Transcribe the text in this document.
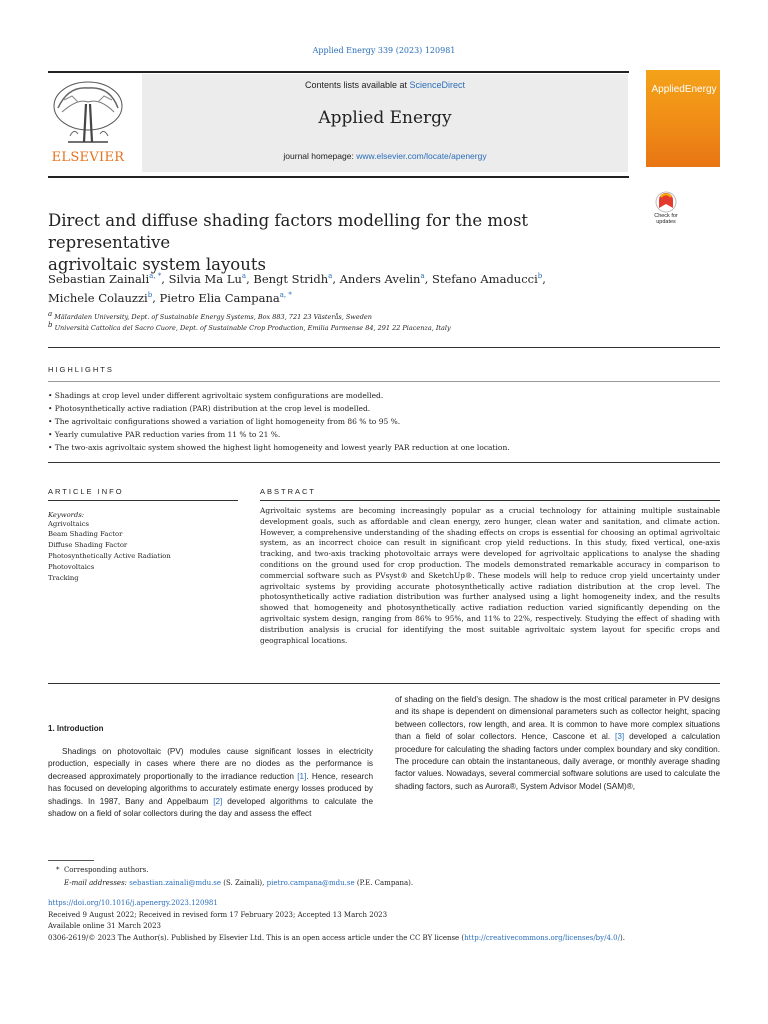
Applied Energy 339 (2023) 120981
ELSEVIER
Contents lists available at ScienceDirect
Applied Energy
journal homepage: www.elsevier.com/locate/apenergy
AppliedEnergy
Check for updates
Direct and diffuse shading factors modelling for the most representative
agrivoltaic system layouts
Sebastian Zainali$^{a, *}$, Silvia Ma Lu$^a$, Bengt Stridh$^a$, Anders Avelin$^a$, Stefano Amaducci$^b$,
Michele Colauzzi$^b$, Pietro Elia Campana$^{a, *}$
$^a$ Mälardalen University, Dept. of Sustainable Energy Systems, Box 883, 721 23 Västerås, Sweden
$^b$ Università Cattolica del Sacro Cuore, Dept. of Sustainable Crop Production, Emilia Parmense 84, 291 22 Piacenza, Italy
HIGHLIGHTS
• Shadings at crop level under different agrivoltaic system configurations are modelled.
• Photosynthetically active radiation (PAR) distribution at the crop level is modelled.
• The agrivoltaic configurations showed a variation of light homogeneity from 86 % to 95 %.
• Yearly cumulative PAR reduction varies from 11 % to 21 %.
• The two-axis agrivoltaic system showed the highest light homogeneity and lowest yearly PAR reduction at one location.
ARTICLE INFO
Keywords:
Agrivoltaics
Beam Shading Factor
Diffuse Shading Factor
Photosynthetically Active Radiation
Photovoltaics
Tracking
ABSTRACT
Agrivoltaic systems are becoming increasingly popular as a crucial technology for attaining multiple sustainable development goals, such as affordable and clean energy, zero hunger, clean water and sanitation, and climate action. However, a comprehensive understanding of the shading effects on crops is essential for choosing an optimal agrivoltaic system, as an incorrect choice can result in significant crop yield reductions. In this study, fixed vertical, one-axis tracking, and two-axis tracking photovoltaic arrays were developed for agrivoltaic applications to analyse the shading conditions on the ground used for crop production. The models demonstrated remarkable accuracy in comparison to commercial software such as PVsyst® and SketchUp®. These models will help to reduce crop yield uncertainty under agrivoltaic systems by providing accurate photosynthetically active radiation distribution at the crop level. The photosynthetically active radiation distribution was further analysed using a light homogeneity index, and the results showed that homogeneity and photosynthetically active radiation reduction varied significantly depending on the agrivoltaic system design, ranging from 86% to 95%, and 11% to 22%, respectively. Studying the effect of shading with distribution analysis is crucial for identifying the most suitable agrivoltaic system layout for specific crops and geographical locations.
1. Introduction
Shadings on photovoltaic (PV) modules cause significant losses in electricity production, especially in cases where there are no diodes as the performance is decreased approximately proportionally to the irradiance reduction [1]. Hence, research has focused on developing algorithms to accurately estimate energy losses produced by shadings. In 1987, Bany and Appelbaum [2] developed algorithms to calculate the shadow on a field of solar collectors during the day and assess the effect
of shading on the field’s design. The shadow is the most critical parameter in PV designs and its shape is dependent on dimensional parameters such as collector height, spacing between collectors, row length, and area. It is common to have more complex situations than a field of solar collectors. Hence, Cascone et al. [3] developed a calculation procedure for calculating the shading factors under complex boundary and sky condition. The procedure can obtain the instantaneous, daily average, or monthly average shading factor values. Nowadays, several commercial software solutions are used to calculate the shading factors, such as Aurora®, System Advisor Model (SAM)®,
* Corresponding authors.
E-mail addresses: sebastian.zainali@mdu.se (S. Zainali), pietro.campana@mdu.se (P.E. Campana).
https://doi.org/10.1016/j.apenergy.2023.120981
Received 9 August 2022; Received in revised form 17 February 2023; Accepted 13 March 2023
Available online 31 March 2023
0306-2619/© 2023 The Author(s). Published by Elsevier Ltd. This is an open access article under the CC BY license (http://creativecommons.org/licenses/by/4.0/).
